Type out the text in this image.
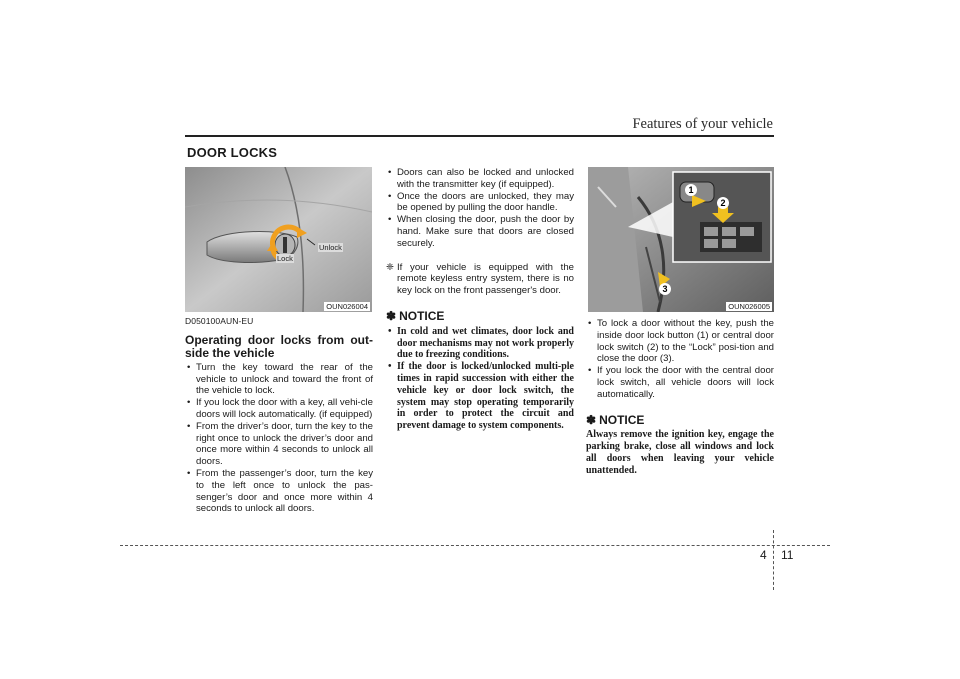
Features of your vehicle
DOOR LOCKS
Unlock
Lock
OUN026004
D050100AUN-EU
Operating door locks from out-side the vehicle
• Turn the key toward the rear of the vehicle to unlock and toward the front of the vehicle to lock.
• If you lock the door with a key, all vehi-cle doors will lock automatically. (if equipped)
• From the driver’s door, turn the key to the right once to unlock the driver’s door and once more within 4 seconds to unlock all doors.
• From the passenger’s door, turn the key to the left once to unlock the pas-senger’s door and once more within 4 seconds to unlock all doors.
• Doors can also be locked and unlocked with the transmitter key (if equipped).
• Once the doors are unlocked, they may be opened by pulling the door handle.
• When closing the door, push the door by hand. Make sure that doors are closed securely.
❈ If your vehicle is equipped with the remote keyless entry system, there is no key lock on the front passenger's door.
✽ NOTICE
• In cold and wet climates, door lock and door mechanisms may not work properly due to freezing conditions.
• If the door is locked/unlocked multi-ple times in rapid succession with either the vehicle key or door lock switch, the system may stop operating temporarily in order to protect the circuit and prevent damage to system components.
1
2
3
OUN026005
• To lock a door without the key, push the inside door lock button (1) or central door lock switch (2) to the “Lock” posi-tion and close the door (3).
• If you lock the door with the central door lock switch, all vehicle doors will lock automatically.
✽ NOTICE
Always remove the ignition key, engage the parking brake, close all windows and lock all doors when leaving your vehicle unattended.
4 11
